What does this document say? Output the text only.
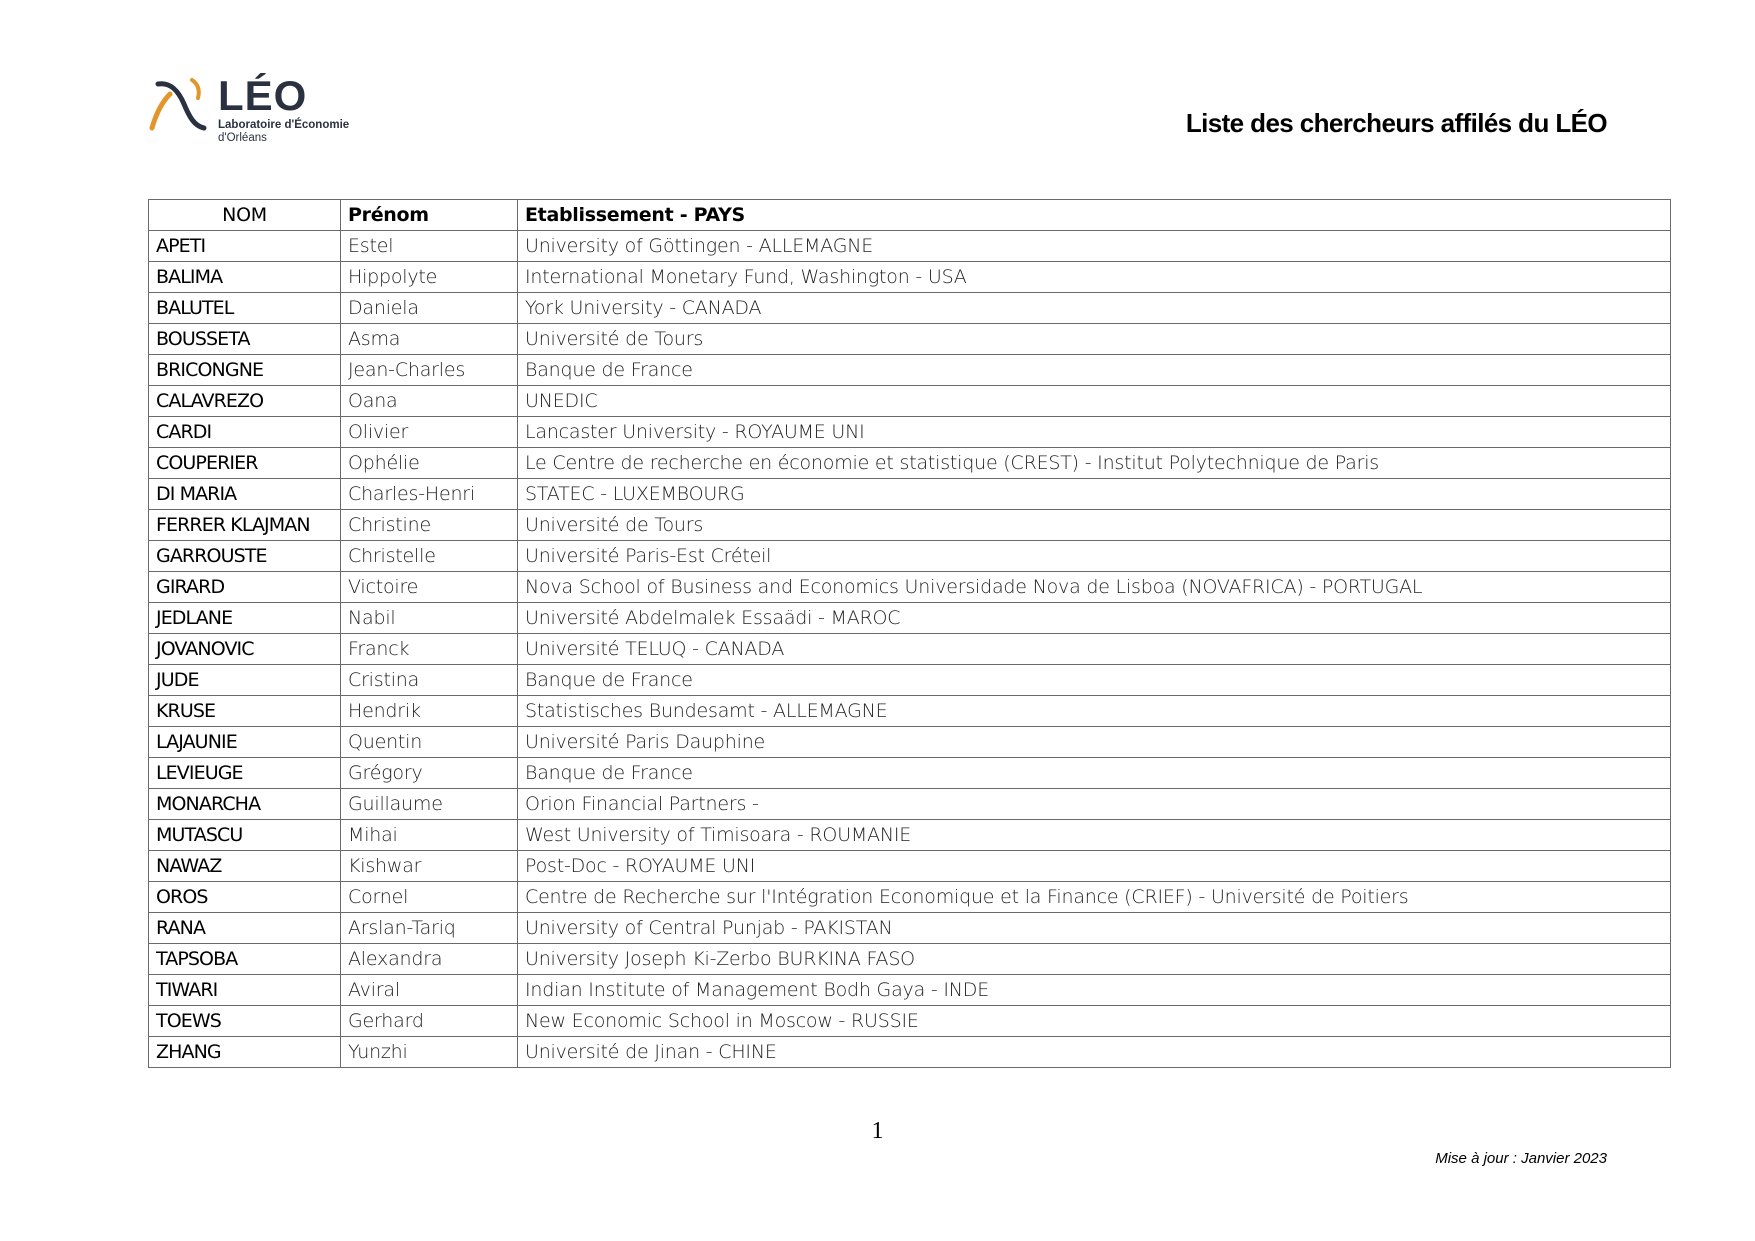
LÉO
Laboratoire d'Économie
d'Orléans	Liste des chercheurs affilés du LÉO
NOM	Prénom	Etablissement - PAYS
APETI	Estel	University of Göttingen - ALLEMAGNE
BALIMA	Hippolyte	International Monetary Fund, Washington - USA
BALUTEL	Daniela	York University - CANADA
BOUSSETA	Asma	Université de Tours
BRICONGNE	Jean-Charles	Banque de France
CALAVREZO	Oana	UNEDIC
CARDI	Olivier	Lancaster University - ROYAUME UNI
COUPERIER	Ophélie	Le Centre de recherche en économie et statistique (CREST) - Institut Polytechnique de Paris
DI MARIA	Charles-Henri	STATEC - LUXEMBOURG
FERRER KLAJMAN	Christine	Université de Tours
GARROUSTE	Christelle	Université Paris-Est Créteil
GIRARD	Victoire	Nova School of Business and Economics Universidade Nova de Lisboa (NOVAFRICA) - PORTUGAL
JEDLANE	Nabil	Université Abdelmalek Essaädi - MAROC
JOVANOVIC	Franck	Université TELUQ - CANADA
JUDE	Cristina	Banque de France
KRUSE	Hendrik	Statistisches Bundesamt - ALLEMAGNE
LAJAUNIE	Quentin	Université Paris Dauphine
LEVIEUGE	Grégory	Banque de France
MONARCHA	Guillaume	Orion Financial Partners -
MUTASCU	Mihai	West University of Timisoara - ROUMANIE
NAWAZ	Kishwar	Post-Doc - ROYAUME UNI
OROS	Cornel	Centre de Recherche sur l'Intégration Economique et la Finance (CRIEF) - Université de Poitiers
RANA	Arslan-Tariq	University of Central Punjab - PAKISTAN
TAPSOBA	Alexandra	University Joseph Ki-Zerbo BURKINA FASO
TIWARI	Aviral	Indian Institute of Management Bodh Gaya - INDE
TOEWS	Gerhard	New Economic School in Moscow - RUSSIE
ZHANG	Yunzhi	Université de Jinan - CHINE
1
Mise à jour : Janvier 2023
